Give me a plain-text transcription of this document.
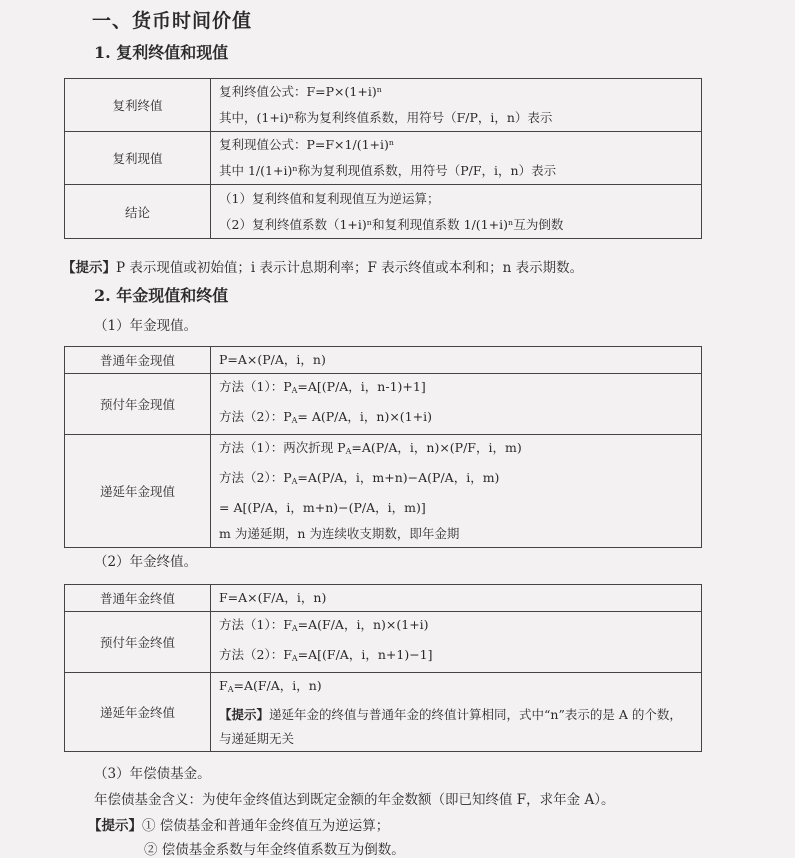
一、货币时间价值
1. 复利终值和现值
复利终值	复利终值公式：F=P×(1+i)ⁿ
其中，(1+i)ⁿ称为复利终值系数，用符号（F/P，i，n）表示

复利现值	复利现值公式：P=F×1/(1+i)ⁿ
其中 1/(1+i)ⁿ称为复利现值系数，用符号（P/F，i，n）表示

结论	（1）复利终值和复利现值互为逆运算；
（2）复利终值系数（1+i)ⁿ和复利现值系数 1/(1+i)ⁿ互为倒数
【提示】P 表示现值或初始值；i 表示计息期利率；F 表示终值或本利和；n 表示期数。
2. 年金现值和终值
（1）年金现值。
普通年金现值	P=A×(P/A，i，n)

预付年金现值	方法（1）：$P_A=A[(P/A$，i，n-1)+1]
方法（2）：$P_A= A(P/A$，i，n)×(1+i)

递延年金现值	方法（1）：两次折现 $P_A=A(P/A$，i，n)×(P/F，i，m)
方法（2）：$P_A=A(P/A$，i，m+n)−A(P/A，i，m)
= A[(P/A，i，m+n)−(P/A，i，m)]
m 为递延期，n 为连续收支期数，即年金期
（2）年金终值。
普通年金终值	F=A×(F/A，i，n)

预付年金终值	方法（1）：$F_A=A(F/A$，i，n)×(1+i)
方法（2）：$F_A=A[(F/A$，i，n+1)−1]

递延年金终值	$F_A=A(F/A$，i，n)
【提示】递延年金的终值与普通年金的终值计算相同，式中“n”表示的是 A 的个数，与递延期无关
（3）年偿债基金。
年偿债基金含义：为使年金终值达到既定金额的年金数额（即已知终值 F，求年金 A）。
【提示】① 偿债基金和普通年金终值互为逆运算；
② 偿债基金系数与年金终值系数互为倒数。
